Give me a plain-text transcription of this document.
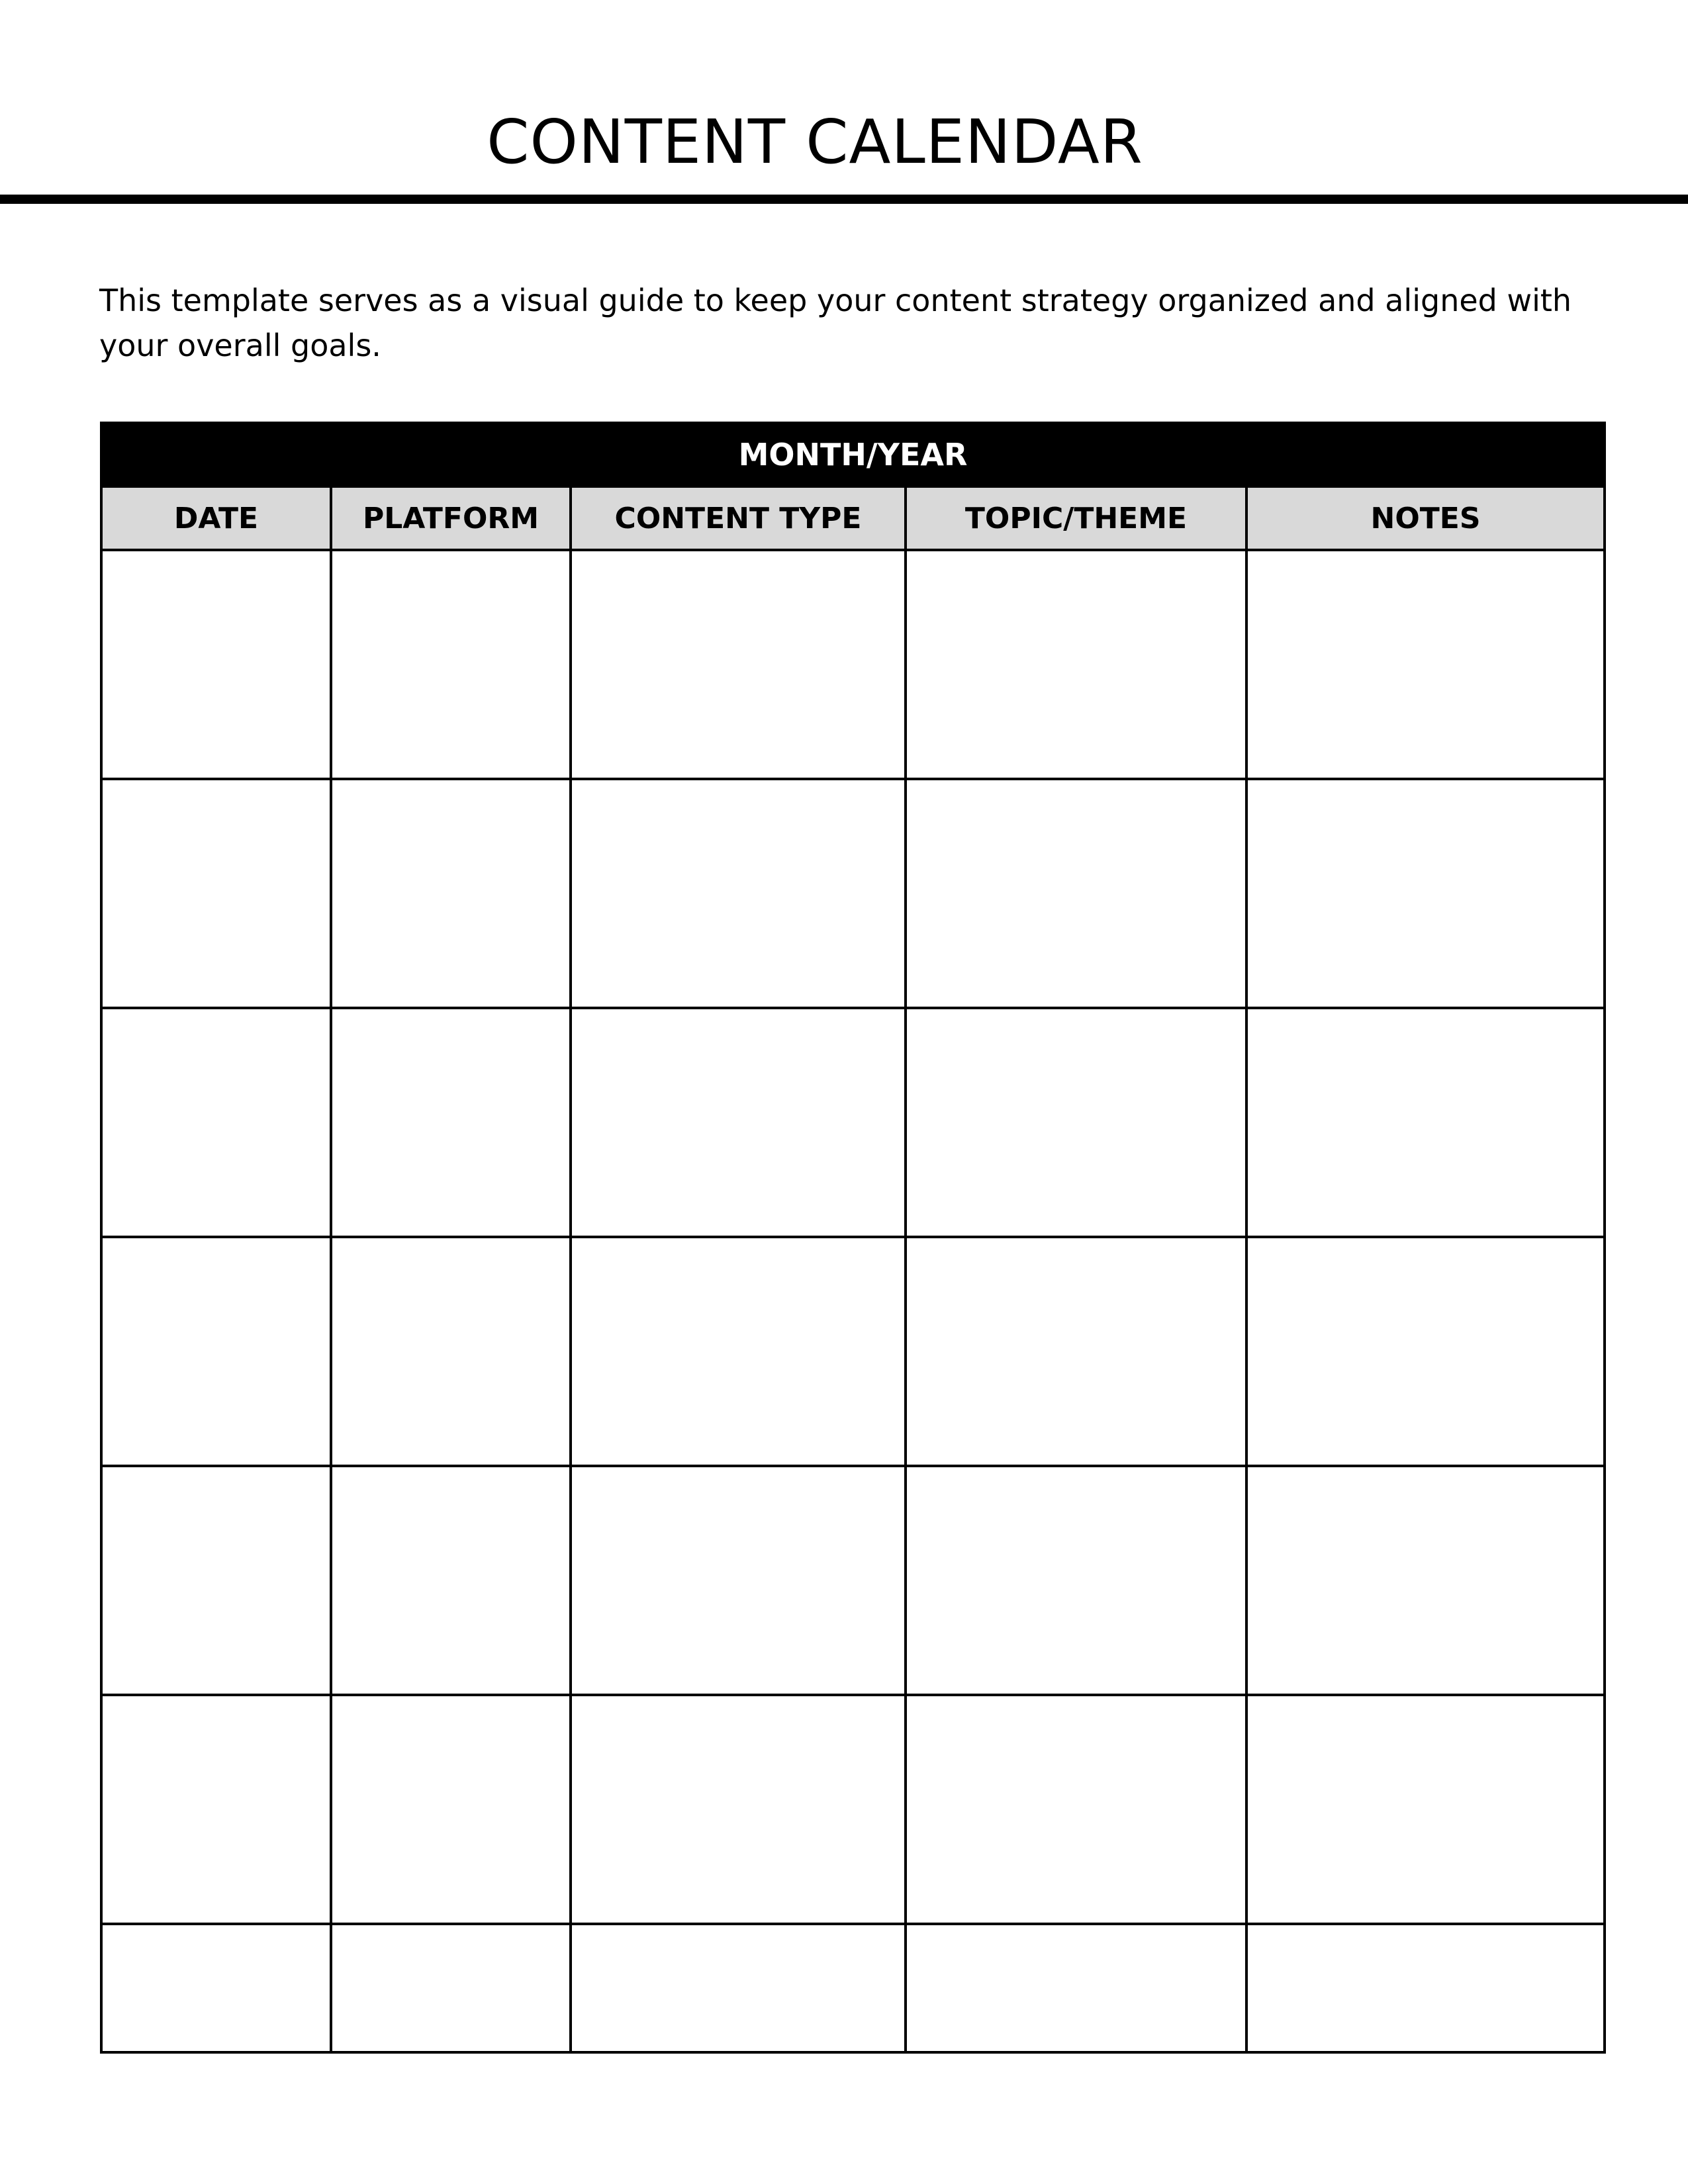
CONTENT CALENDAR

This template serves as a visual guide to keep your content strategy organized and aligned with your overall goals.

MONTH/YEAR				
DATE	PLATFORM	CONTENT TYPE	TOPIC/THEME	NOTES
